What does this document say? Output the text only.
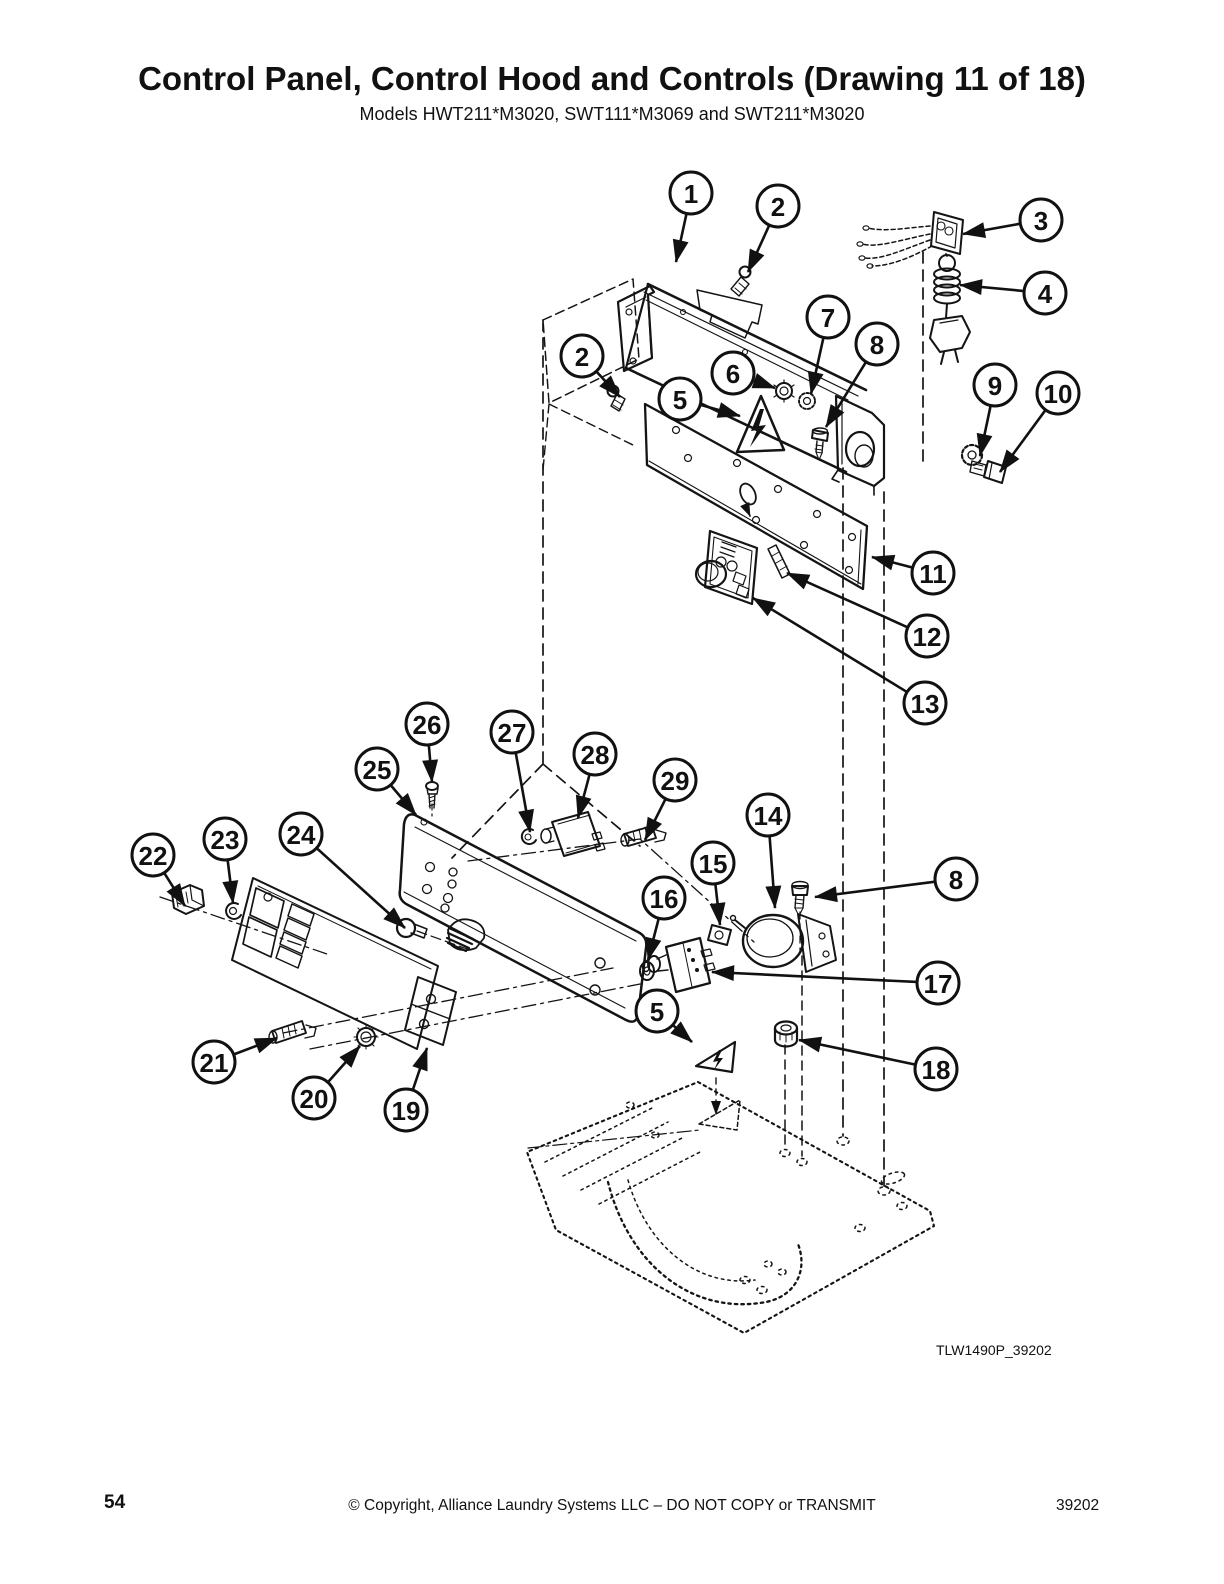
Control Panel, Control Hood and Controls (Drawing 11 of 18)
Models HWT211*M3020, SWT111*M3069 and SWT211*M3020
1	2	3
4
2
5
6
7
8
9 10
11
12
13
14
15
16
17
18
19
20
21
22
23 24
25
26 27
28
29
5
8
TLW1490P_39202
54	© Copyright, Alliance Laundry Systems LLC – DO NOT COPY or TRANSMIT	39202
